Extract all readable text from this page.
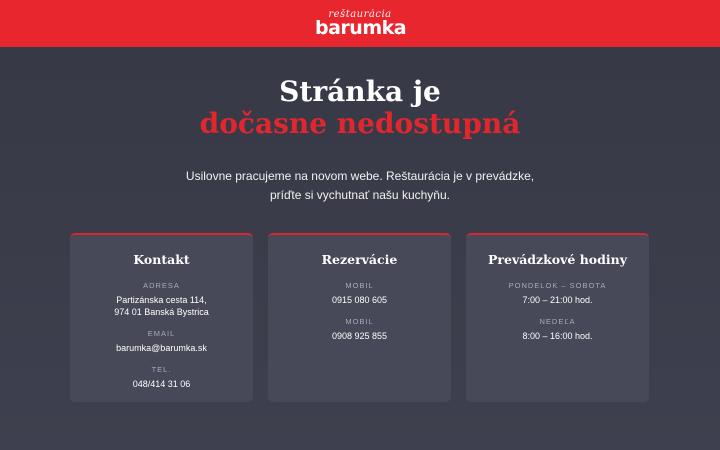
reštaurácia
barumka
Stránka je
dočasne nedostupná

Usilovne pracujeme na novom webe. Reštaurácia je v prevádzke, príďte si vychutnať našu kuchyňu.

Kontakt
ADRESA
Partizánska cesta 114,
974 01 Banská Bystrica
EMAIL
barumka@barumka.sk
TEL.
048/414 31 06
Rezervácie
MOBIL
0915 080 605
MOBIL
0908 925 855
Prevádzkové hodiny
PONDELOK – SOBOTA
7:00 – 21:00 hod.
NEDEĽA
8:00 – 16:00 hod.
